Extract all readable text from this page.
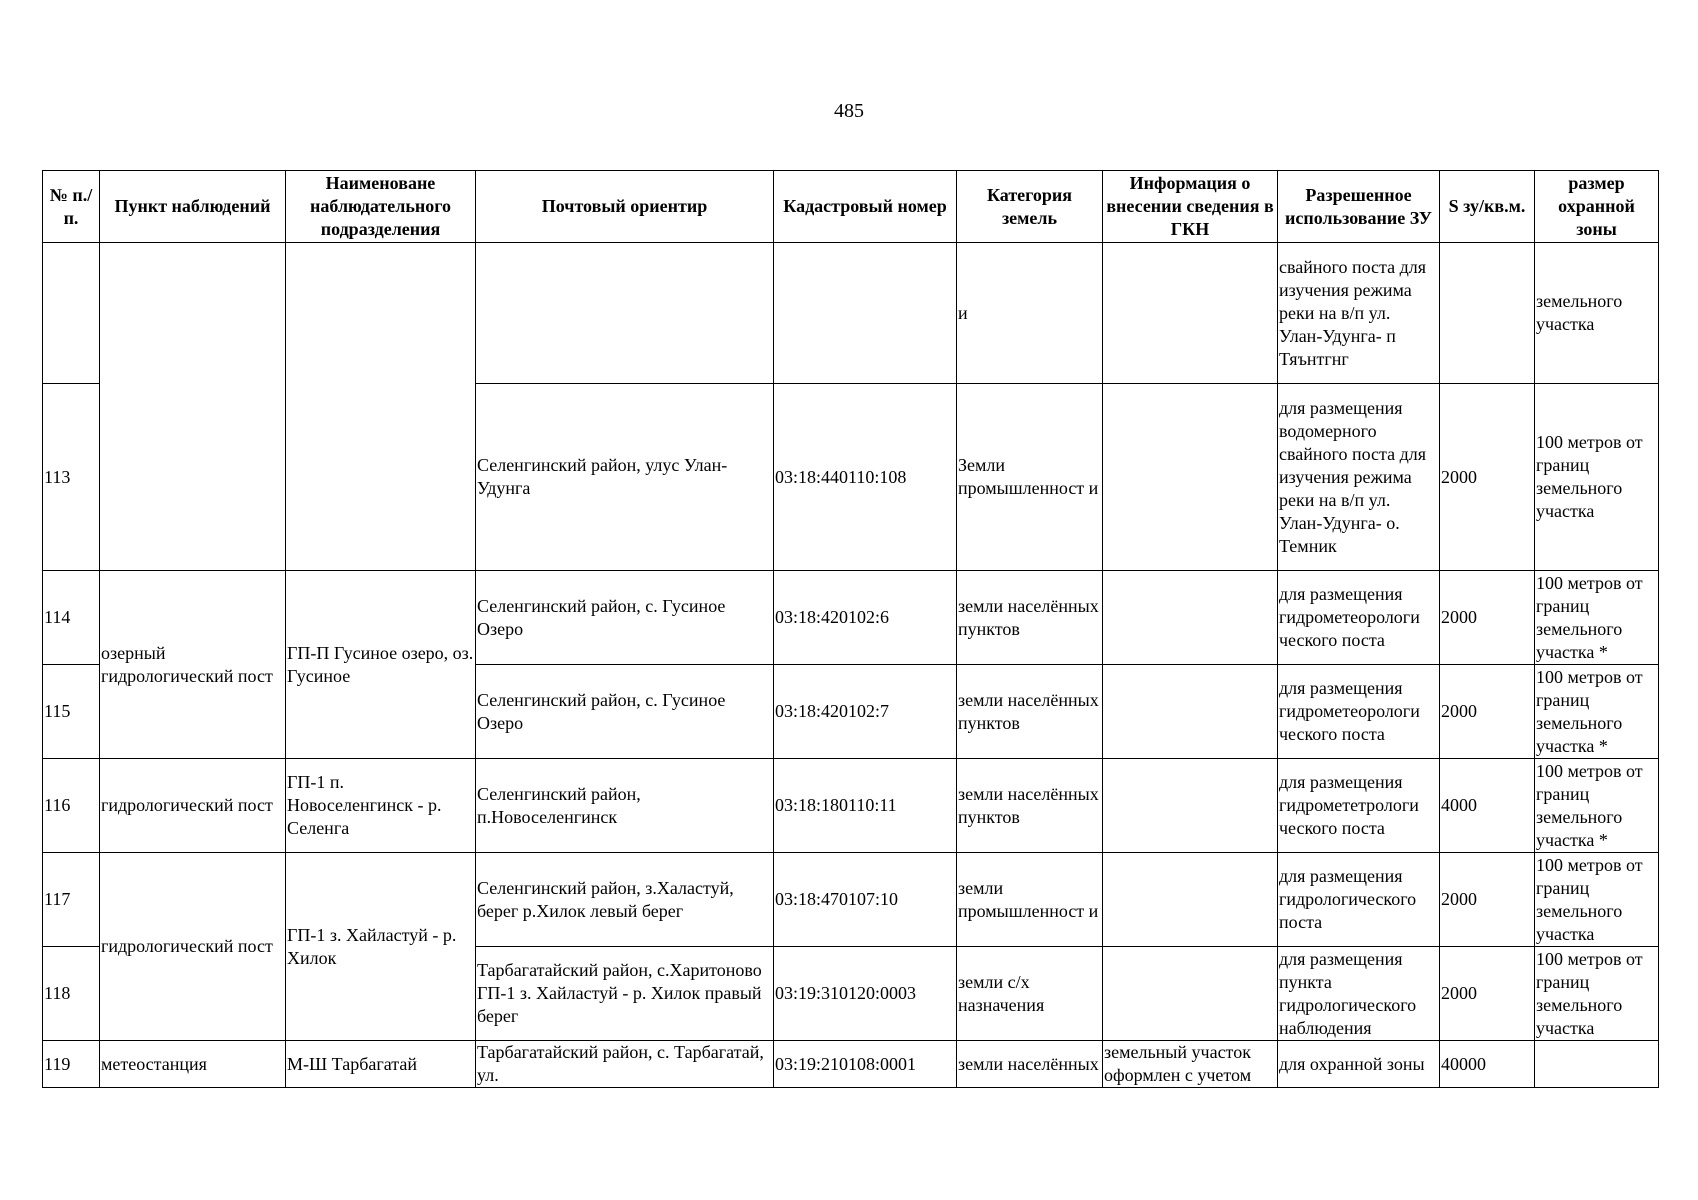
485
№ п./п.	Пункт наблюдений	Наименоване наблюдательного подразделения	Почтовый ориентир	Кадастровый номер	Категория земель	Информация о внесении сведения в ГКН	Разрешенное использование ЗУ	S зу/кв.м.	размер охранной зоны
					и		свайного поста для изучения режима реки на в/п ул. Улан-Удунга- п Тяънтгнг		земельного участка
113			Селенгинский район, улус Улан-Удунга	03:18:440110:108	Земли промышленност и		для размещения водомерного свайного поста для изучения режима реки на в/п ул. Улан-Удунга- о. Темник	2000	100 метров от границ земельного участка
114	озерный гидрологический пост	ГП-П Гусиное озеро, оз. Гусиное	Селенгинский район, с. Гусиное Озеро	03:18:420102:6	земли населённых пунктов		для размещения гидрометеорологи ческого поста	2000	100 метров от границ земельного участка *
115			Селенгинский район, с. Гусиное Озеро	03:18:420102:7	земли населённых пунктов		для размещения гидрометеорологи ческого поста	2000	100 метров от границ земельного участка *
116	гидрологический пост	ГП-1 п. Новоселенгинск - р. Селенга	Селенгинский район, п.Новоселенгинск	03:18:180110:11	земли населённых пунктов		для размещения гидромететрологи ческого поста	4000	100 метров от границ земельного участка *
117	гидрологический пост	ГП-1 з. Хайластуй - р. Хилок	Селенгинский район, з.Халастуй, берег р.Хилок левый берег	03:18:470107:10	земли промышленност и		для размещения гидрологического поста	2000	100 метров от границ земельного участка
118			Тарбагатайский район, с.Харитоново ГП-1 з. Хайластуй - р. Хилок правый берег	03:19:310120:0003	земли с/х назначения		для размещения пункта гидрологического наблюдения	2000	100 метров от границ земельного участка
119	метеостанция	М-Ш Тарбагатай	Тарбагатайский район, с. Тарбагатай, ул.	03:19:210108:0001	земли населённых	земельный участок оформлен с учетом	для охранной зоны	40000	
